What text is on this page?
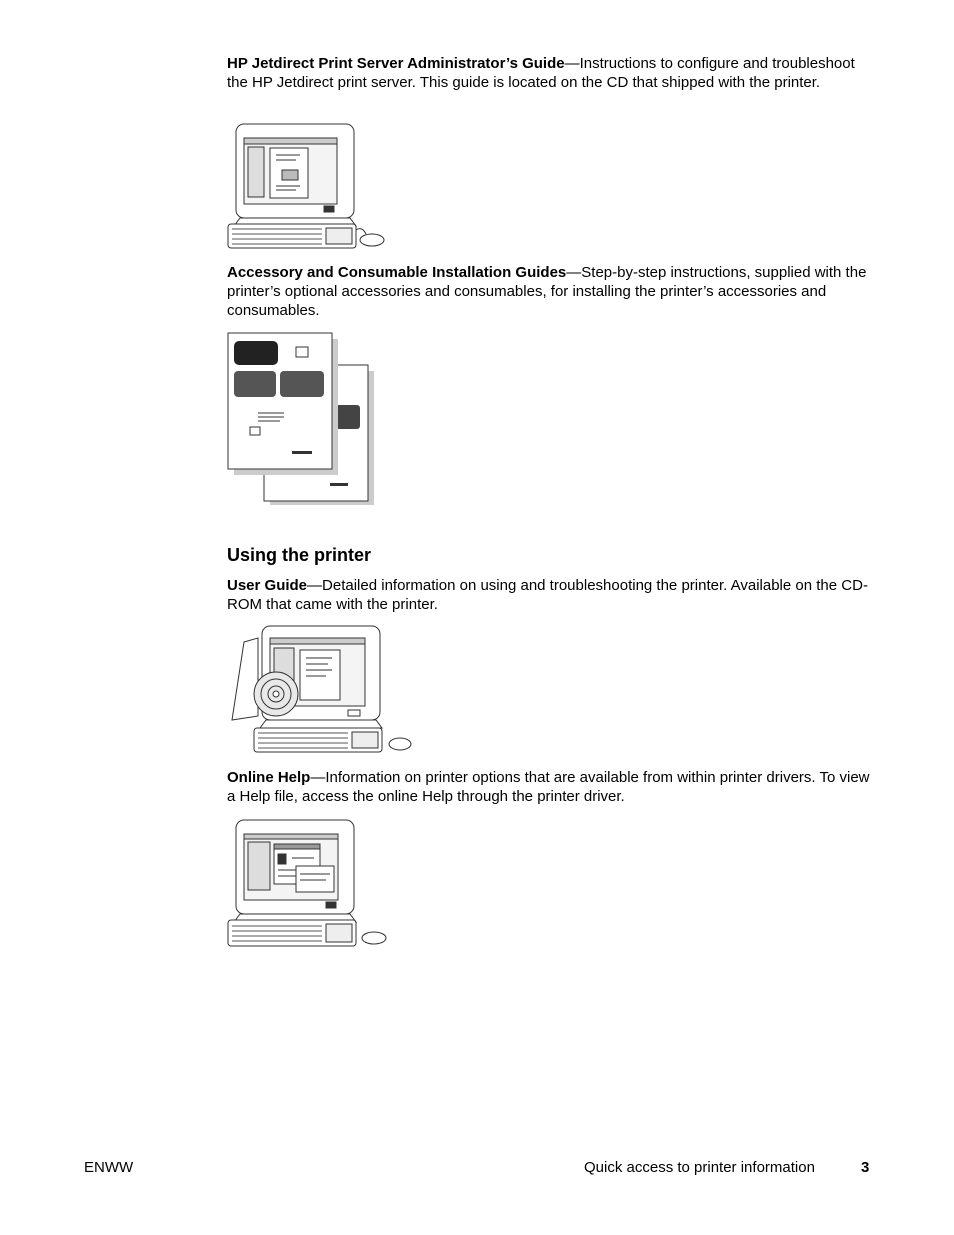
HP Jetdirect Print Server Administrator’s Guide—Instructions to configure and troubleshoot the HP Jetdirect print server. This guide is located on the CD that shipped with the printer.

Accessory and Consumable Installation Guides—Step-by-step instructions, supplied with the printer’s optional accessories and consumables, for installing the printer’s accessories and consumables.

Using the printer

User Guide—Detailed information on using and troubleshooting the printer. Available on the CD-ROM that came with the printer.

Online Help—Information on printer options that are available from within printer drivers. To view a Help file, access the online Help through the printer driver.

ENWW	Quick access to printer information	3
